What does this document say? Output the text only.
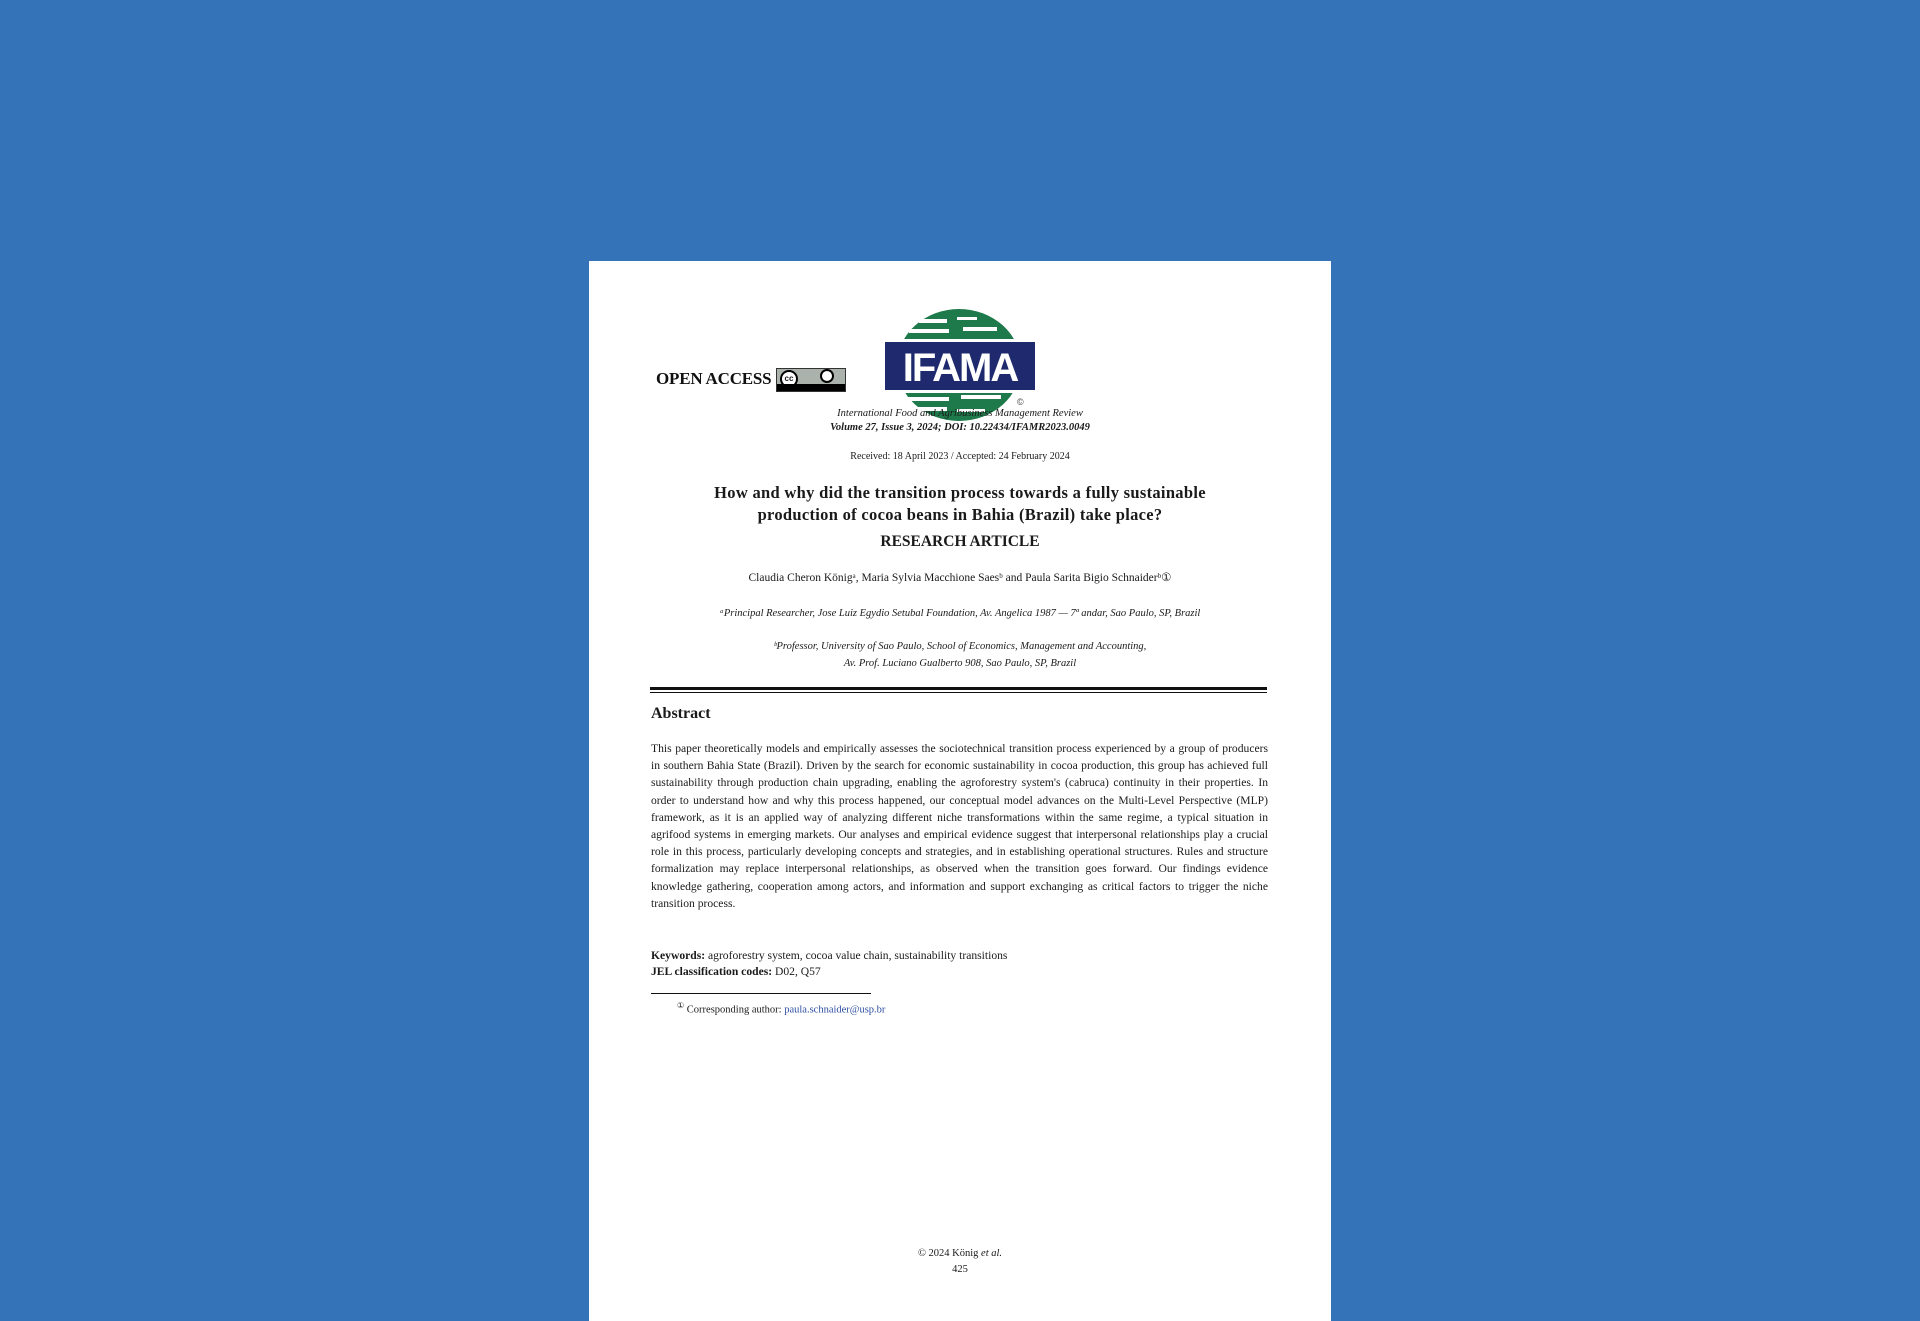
OPEN ACCESS	cc	IFAMA
©
International Food and Agribusiness Management Review
Volume 27, Issue 3, 2024; DOI: 10.22434/IFAMR2023.0049
Received: 18 April 2023 / Accepted: 24 February 2024
How and why did the transition process towards a fully sustainable
production of cocoa beans in Bahia (Brazil) take place?
RESEARCH ARTICLE
Claudia Cheron Königᵃ, Maria Sylvia Macchione Saesᵇ and Paula Sarita Bigio Schnaiderᵇ①
ᵃPrincipal Researcher, Jose Luiz Egydio Setubal Foundation, Av. Angelica 1987 — 7ª andar, Sao Paulo, SP, Brazil
ᵇProfessor, University of Sao Paulo, School of Economics, Management and Accounting,
Av. Prof. Luciano Gualberto 908, Sao Paulo, SP, Brazil
Abstract
This paper theoretically models and empirically assesses the sociotechnical transition process experienced by a group of producers in southern Bahia State (Brazil). Driven by the search for economic sustainability in cocoa production, this group has achieved full sustainability through production chain upgrading, enabling the agroforestry system's (cabruca) continuity in their properties. In order to understand how and why this process happened, our conceptual model advances on the Multi-Level Perspective (MLP) framework, as it is an applied way of analyzing different niche transformations within the same regime, a typical situation in agrifood systems in emerging markets. Our analyses and empirical evidence suggest that interpersonal relationships play a crucial role in this process, particularly developing concepts and strategies, and in establishing operational structures. Rules and structure formalization may replace interpersonal relationships, as observed when the transition goes forward. Our findings evidence knowledge gathering, cooperation among actors, and information and support exchanging as critical factors to trigger the niche transition process.
Keywords: agroforestry system, cocoa value chain, sustainability transitions
JEL classification codes: D02, Q57
① Corresponding author: paula.schnaider@usp.br
© 2024 König et al.
425
